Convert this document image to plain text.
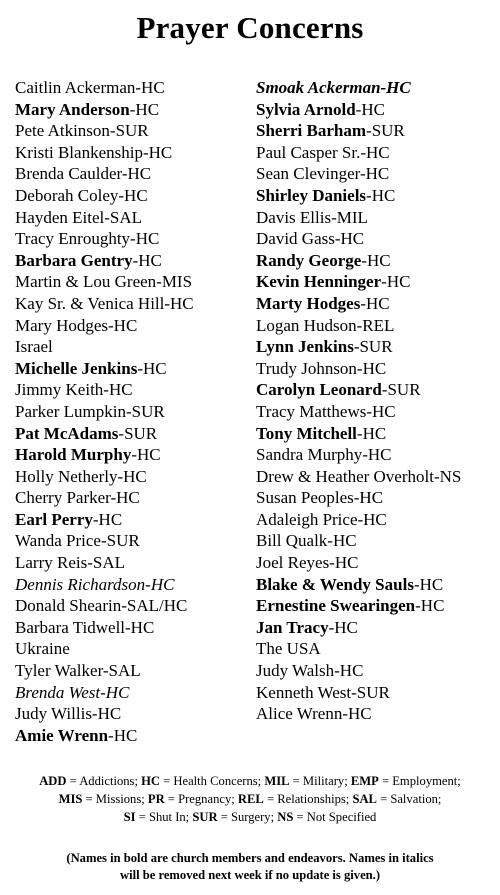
Prayer Concerns
Caitlin Ackerman-HC
Mary Anderson-HC
Pete Atkinson-SUR
Kristi Blankenship-HC
Brenda Caulder-HC
Deborah Coley-HC
Hayden Eitel-SAL
Tracy Enroughty-HC
Barbara Gentry-HC
Martin & Lou Green-MIS
Kay Sr. & Venica Hill-HC
Mary Hodges-HC
Israel
Michelle Jenkins-HC
Jimmy Keith-HC
Parker Lumpkin-SUR
Pat McAdams-SUR
Harold Murphy-HC
Holly Netherly-HC
Cherry Parker-HC
Earl Perry-HC
Wanda Price-SUR
Larry Reis-SAL
Dennis Richardson-HC
Donald Shearin-SAL/HC
Barbara Tidwell-HC
Ukraine
Tyler Walker-SAL
Brenda West-HC
Judy Willis-HC
Amie Wrenn-HC
Smoak Ackerman-HC
Sylvia Arnold-HC
Sherri Barham-SUR
Paul Casper Sr.-HC
Sean Clevinger-HC
Shirley Daniels-HC
Davis Ellis-MIL
David Gass-HC
Randy George-HC
Kevin Henninger-HC
Marty Hodges-HC
Logan Hudson-REL
Lynn Jenkins-SUR
Trudy Johnson-HC
Carolyn Leonard-SUR
Tracy Matthews-HC
Tony Mitchell-HC
Sandra Murphy-HC
Drew & Heather Overholt-NS
Susan Peoples-HC
Adaleigh Price-HC
Bill Qualk-HC
Joel Reyes-HC
Blake & Wendy Sauls-HC
Ernestine Swearingen-HC
Jan Tracy-HC
The USA
Judy Walsh-HC
Kenneth West-SUR
Alice Wrenn-HC
ADD = Addictions; HC = Health Concerns; MIL = Military; EMP = Employment;
MIS = Missions; PR = Pregnancy; REL = Relationships; SAL = Salvation;
SI = Shut In; SUR = Surgery; NS = Not Specified
(Names in bold are church members and endeavors. Names in italics
will be removed next week if no update is given.)
